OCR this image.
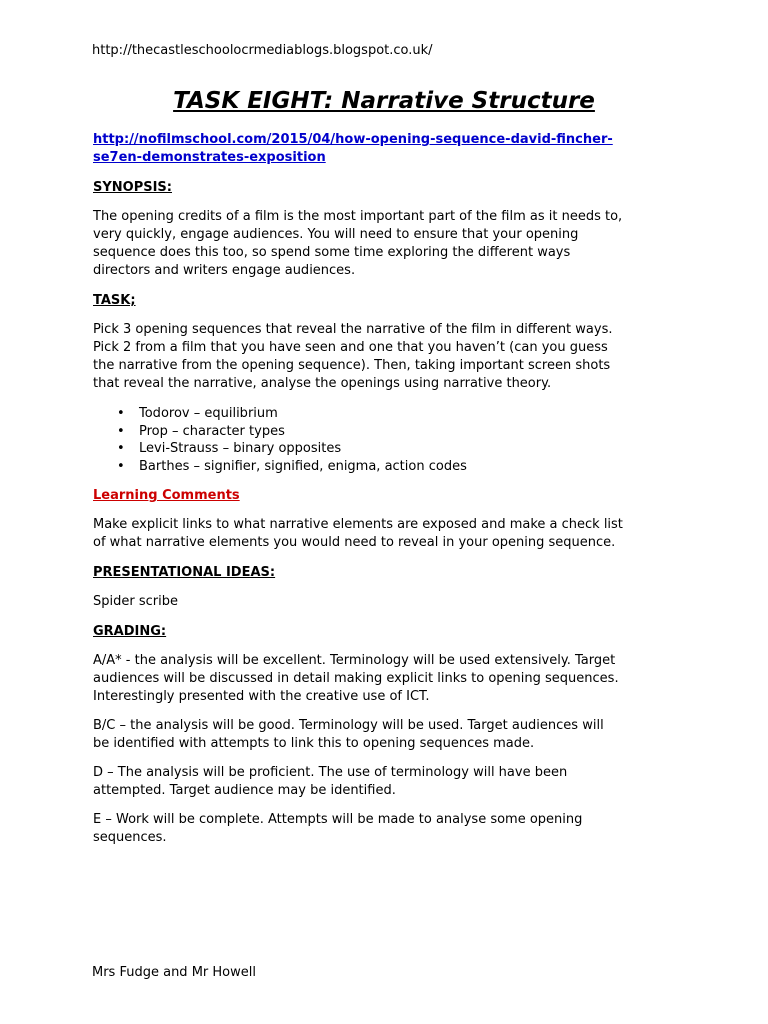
http://thecastleschoolocrmediablogs.blogspot.co.uk/
TASK EIGHT: Narrative Structure

http://nofilmschool.com/2015/04/how-opening-sequence-david-fincher-
se7en-demonstrates-exposition

SYNOPSIS:

The opening credits of a film is the most important part of the film as it needs to,
very quickly, engage audiences. You will need to ensure that your opening
sequence does this too, so spend some time exploring the different ways
directors and writers engage audiences.

TASK;

Pick 3 opening sequences that reveal the narrative of the film in different ways.
Pick 2 from a film that you have seen and one that you haven’t (can you guess
the narrative from the opening sequence). Then, taking important screen shots
that reveal the narrative, analyse the openings using narrative theory.

• Todorov – equilibrium
• Prop – character types
• Levi-Strauss – binary opposites
• Barthes – signifier, signified, enigma, action codes

Learning Comments

Make explicit links to what narrative elements are exposed and make a check list
of what narrative elements you would need to reveal in your opening sequence.

PRESENTATIONAL IDEAS:

Spider scribe

GRADING:

A/A* - the analysis will be excellent. Terminology will be used extensively. Target
audiences will be discussed in detail making explicit links to opening sequences.
Interestingly presented with the creative use of ICT.

B/C – the analysis will be good. Terminology will be used. Target audiences will
be identified with attempts to link this to opening sequences made.

D – The analysis will be proficient. The use of terminology will have been
attempted. Target audience may be identified.

E – Work will be complete. Attempts will be made to analyse some opening
sequences.

Mrs Fudge and Mr Howell
